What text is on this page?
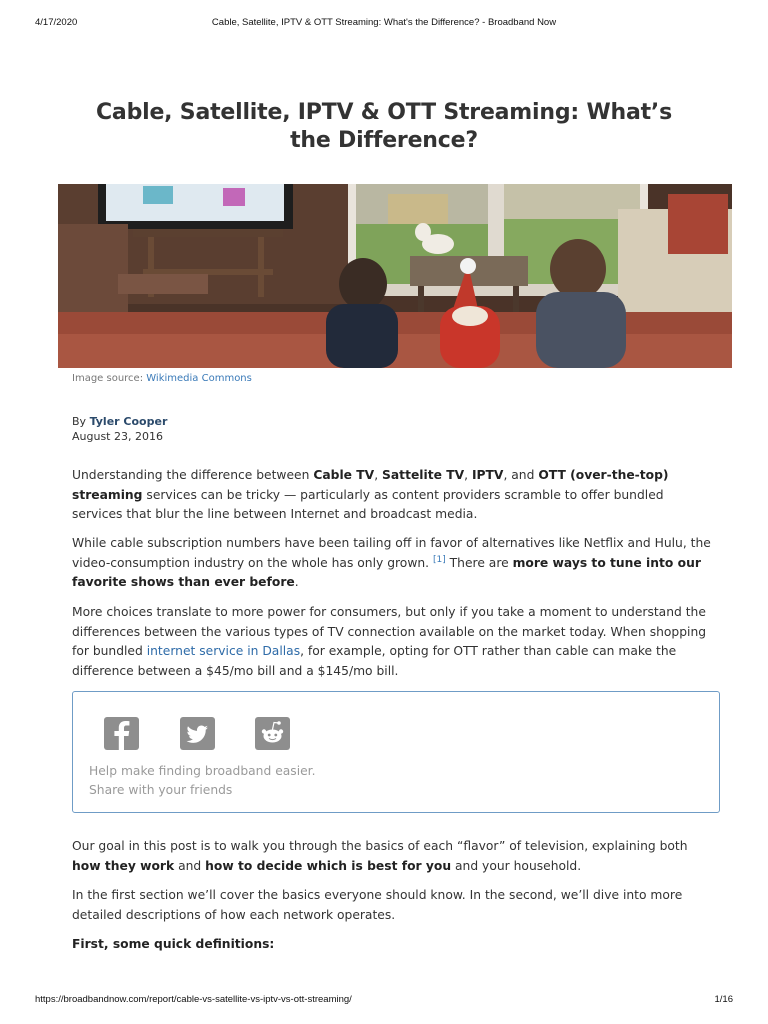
4/17/2020	Cable, Satellite, IPTV & OTT Streaming: What's the Difference? - Broadband Now
Cable, Satellite, IPTV & OTT Streaming: What’s the Difference?
Image source: Wikimedia Commons
By Tyler Cooper
August 23, 2016

Understanding the difference between Cable TV, Sattelite TV, IPTV, and OTT (over-the-top) streaming services can be tricky — particularly as content providers scramble to offer bundled services that blur the line between Internet and broadcast media.

While cable subscription numbers have been tailing off in favor of alternatives like Netflix and Hulu, the video-consumption industry on the whole has only grown. [1] There are more ways to tune into our favorite shows than ever before.

More choices translate to more power for consumers, but only if you take a moment to understand the differences between the various types of TV connection available on the market today. When shopping for bundled internet service in Dallas, for example, opting for OTT rather than cable can make the difference between a $45/mo bill and a $145/mo bill.

Help make finding broadband easier.
Share with your friends

Our goal in this post is to walk you through the basics of each “flavor” of television, explaining both how they work and how to decide which is best for you and your household.

In the first section we’ll cover the basics everyone should know. In the second, we’ll dive into more detailed descriptions of how each network operates.

First, some quick definitions:

https://broadbandnow.com/report/cable-vs-satellite-vs-iptv-vs-ott-streaming/	1/16
